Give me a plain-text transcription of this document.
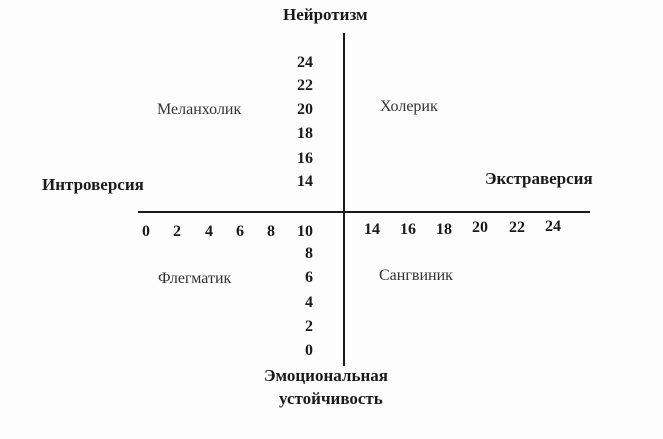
Нейротизм
Интроверсия	Экстраверсия
Эмоциональная
устойчивость
Меланхолик	Холерик
Флегматик	Сангвиник
24
22
20
18
16
14
8
6
4
2
0
0 2 4 6 8 10	14 16 18 20 22 24
